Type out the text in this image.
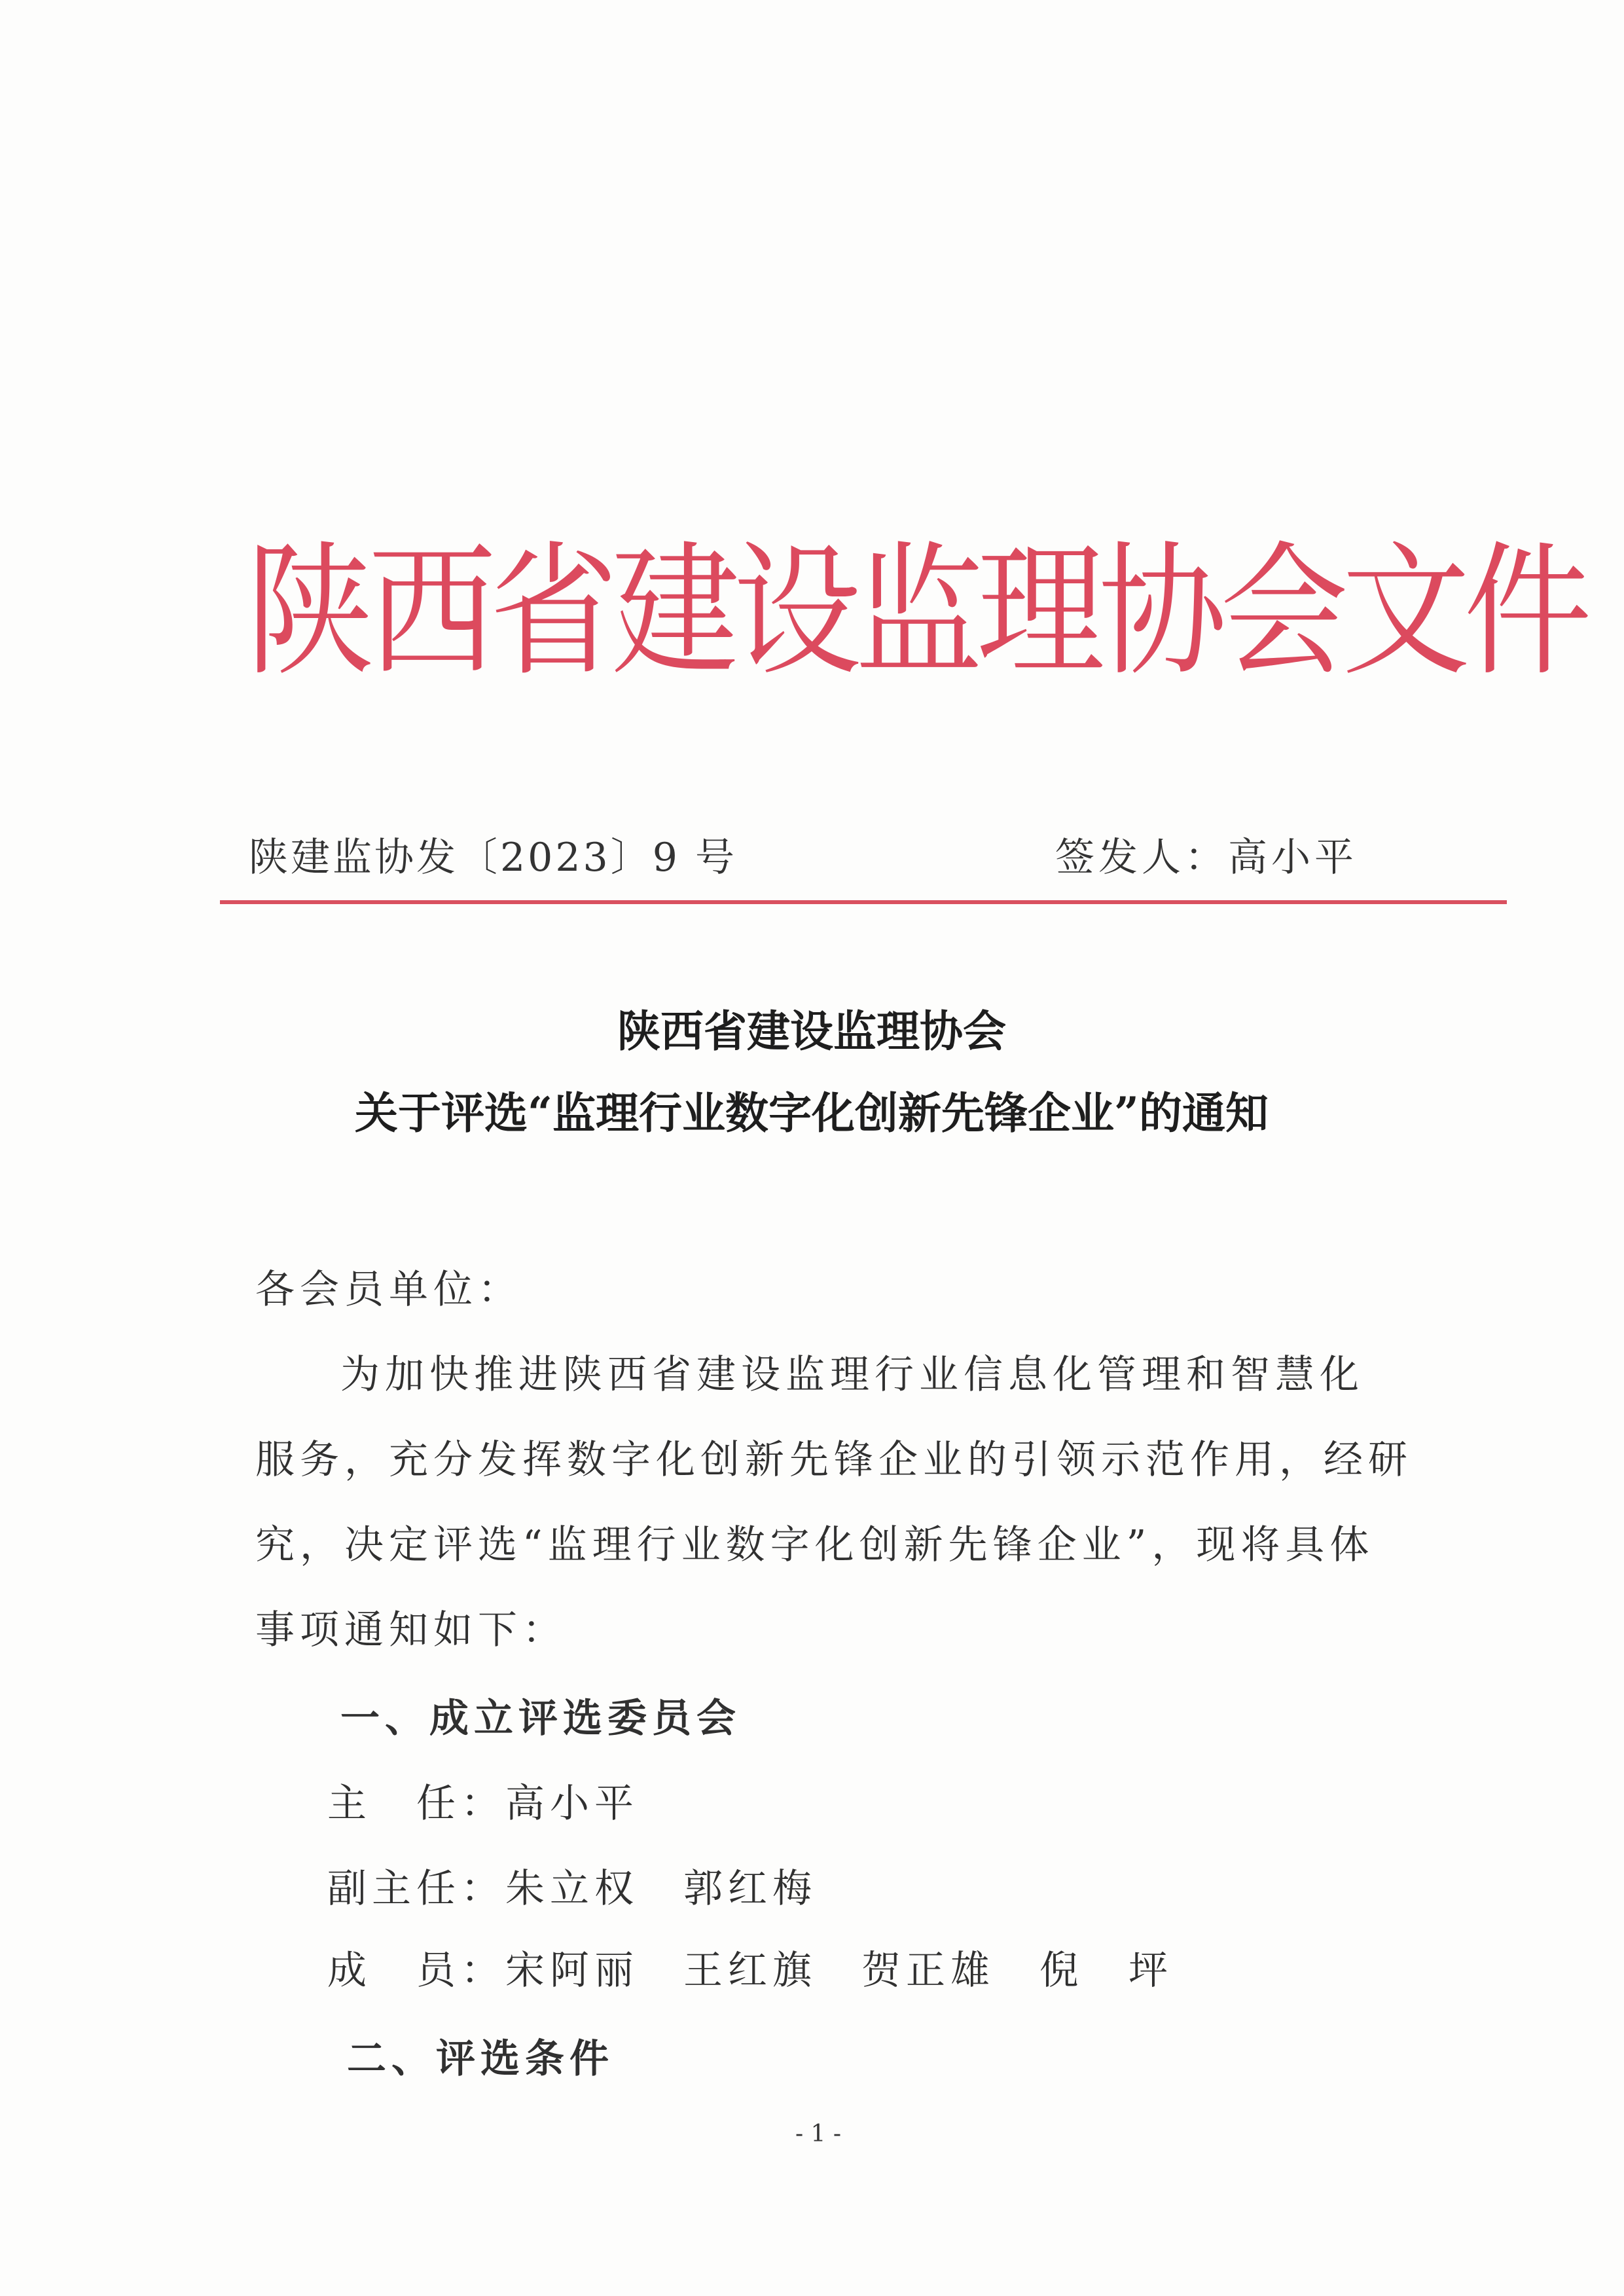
陕西省建设监理协会文件
陕建监协发〔2023〕9 号	签发人：高小平
陕西省建设监理协会
关于评选“监理行业数字化创新先锋企业”的通知
各会员单位：
为加快推进陕西省建设监理行业信息化管理和智慧化
服务，充分发挥数字化创新先锋企业的引领示范作用，经研
究，决定评选“监理行业数字化创新先锋企业”，现将具体
事项通知如下：
一、成立评选委员会
主　任：高小平
副主任：朱立权　郭红梅
成　员：宋阿丽　王红旗　贺正雄　倪　坪
二、评选条件
- 1 -
